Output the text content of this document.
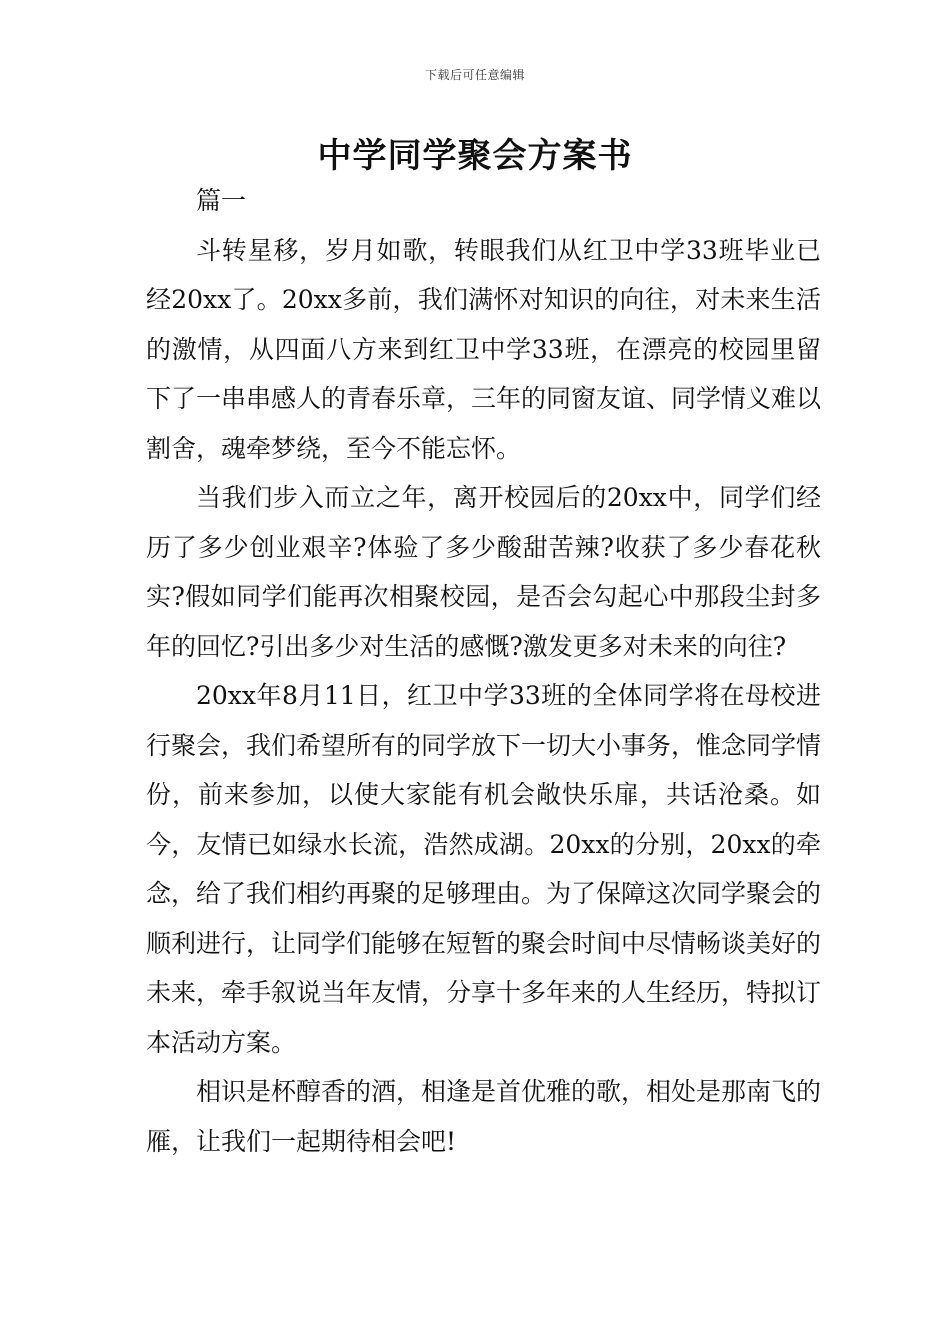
下载后可任意编辑
中学同学聚会方案书

篇一

斗转星移，岁月如歌，转眼我们从红卫中学33班毕业已经20xx了。20xx多前，我们满怀对知识的向往，对未来生活的激情，从四面八方来到红卫中学33班，在漂亮的校园里留下了一串串感人的青春乐章，三年的同窗友谊、同学情义难以割舍，魂牵梦绕，至今不能忘怀。

当我们步入而立之年，离开校园后的20xx中，同学们经历了多少创业艰辛?体验了多少酸甜苦辣?收获了多少春花秋实?假如同学们能再次相聚校园，是否会勾起心中那段尘封多年的回忆?引出多少对生活的感慨?激发更多对未来的向往?

20xx年8月11日，红卫中学33班的全体同学将在母校进行聚会，我们希望所有的同学放下一切大小事务，惟念同学情份，前来参加，以使大家能有机会敞快乐扉，共话沧桑。如今，友情已如绿水长流，浩然成湖。20xx的分别，20xx的牵念，给了我们相约再聚的足够理由。为了保障这次同学聚会的顺利进行，让同学们能够在短暂的聚会时间中尽情畅谈美好的未来，牵手叙说当年友情，分享十多年来的人生经历，特拟订本活动方案。

相识是杯醇香的酒，相逢是首优雅的歌，相处是那南飞的雁，让我们一起期待相会吧!
